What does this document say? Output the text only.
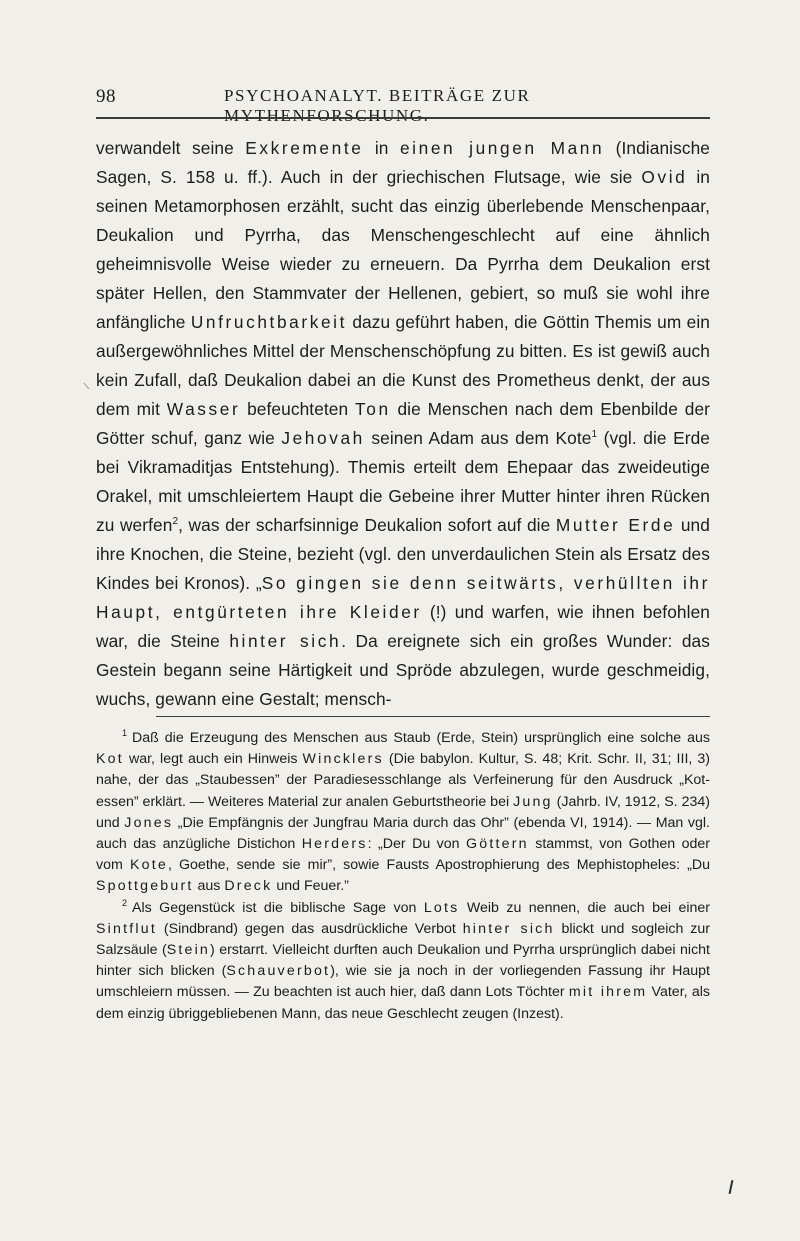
98	PSYCHOANALYT. BEITRÄGE ZUR MYTHENFORSCHUNG.

verwandelt seine Exkremente in einen jungen Mann (Indianische Sagen, S. 158 u. ff.). Auch in der griechischen Flutsage, wie sie Ovid in seinen Metamorphosen erzählt, sucht das einzig überlebende Menschenpaar, Deukalion und Pyrrha, das Menschengeschlecht auf eine ähnlich geheimnisvolle Weise wieder zu erneuern. Da Pyrrha dem Deukalion erst später Hellen, den Stammvater der Hellenen, gebiert, so muß sie wohl ihre anfängliche Unfruchtbarkeit dazu geführt haben, die Göttin Themis um ein außergewöhnliches Mittel der Menschenschöpfung zu bitten. Es ist gewiß auch kein Zufall, daß Deukalion dabei an die Kunst des Prometheus denkt, der aus dem mit Wasser befeuchteten Ton die Menschen nach dem Ebenbilde der Götter schuf, ganz wie Jehovah seinen Adam aus dem Kote$^1$ (vgl. die Erde bei Vikramaditjas Entstehung). Themis erteilt dem Ehepaar das zweideutige Orakel, mit umschleiertem Haupt die Gebeine ihrer Mutter hinter ihren Rücken zu werfen$^2$, was der scharfsinnige Deukalion sofort auf die Mutter Erde und ihre Knochen, die Steine, bezieht (vgl. den unverdaulichen Stein als Ersatz des Kindes bei Kronos). „So gingen sie denn seitwärts, verhüllten ihr Haupt, entgürteten ihre Kleider (!) und warfen, wie ihnen befohlen war, die Steine hinter sich. Da ereignete sich ein großes Wunder: das Gestein begann seine Härtigkeit und Spröde abzulegen, wurde geschmeidig, wuchs, gewann eine Gestalt; mensch-

$^1$ Daß die Erzeugung des Menschen aus Staub (Erde, Stein) ursprünglich eine solche aus Kot war, legt auch ein Hinweis Wincklers (Die babylon. Kultur, S. 48; Krit. Schr. II, 31; III, 3) nahe, der das „Staubessen” der Paradiesesschlange als Verfeinerung für den Ausdruck „Kotessen” erklärt. — Weiteres Material zur analen Geburtstheorie bei Jung (Jahrb. IV, 1912, S. 234) und Jones „Die Empfängnis der Jungfrau Maria durch das Ohr” (ebenda VI, 1914). — Man vgl. auch das anzügliche Distichon Herders: „Der Du von Göttern stammst, von Gothen oder vom Kote, Goethe, sende sie mir”, sowie Fausts Apostrophierung des Mephistopheles: „Du Spottgeburt aus Dreck und Feuer.”

$^2$ Als Gegenstück ist die biblische Sage von Lots Weib zu nennen, die auch bei einer Sintflut (Sindbrand) gegen das ausdrückliche Verbot hinter sich blickt und sogleich zur Salzsäule (Stein) erstarrt. Vielleicht durften auch Deukalion und Pyrrha ursprünglich dabei nicht hinter sich blicken (Schauverbot), wie sie ja noch in der vorliegenden Fassung ihr Haupt umschleiern müssen. — Zu beachten ist auch hier, daß dann Lots Töchter mit ihrem Vater, als dem einzig übriggebliebenen Mann, das neue Geschlecht zeugen (Inzest).
